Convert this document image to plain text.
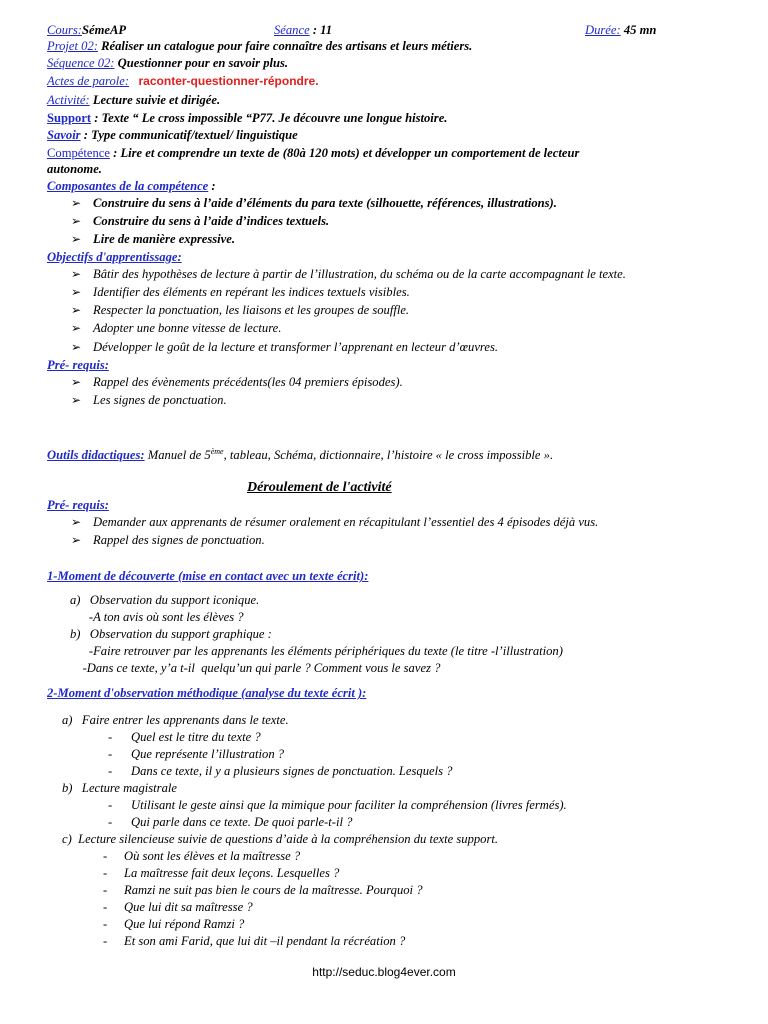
Cours:SémeAP	Séance : 11	Durée: 45 mn
Projet 02: Réaliser un catalogue pour faire connaître des artisans et leurs métiers.
Séquence 02: Questionner pour en savoir plus.
Actes de parole: raconter-questionner-répondre.
Activité: Lecture suivie et dirigée.
Support : Texte “ Le cross impossible “P77. Je découvre une longue histoire.
Savoir : Type communicatif/textuel/ linguistique
Compétence : Lire et comprendre un texte de (80à 120 mots) et développer un comportement de lecteur
autonome.
Composantes de la compétence :
➢ Construire du sens à l’aide d’éléments du para texte (silhouette, références, illustrations).
➢ Construire du sens à l’aide d’indices textuels.
➢ Lire de manière expressive.
Objectifs d'apprentissage:
➢ Bâtir des hypothèses de lecture à partir de l’illustration, du schéma ou de la carte accompagnant le texte.
➢ Identifier des éléments en repérant les indices textuels visibles.
➢ Respecter la ponctuation, les liaisons et les groupes de souffle.
➢ Adopter une bonne vitesse de lecture.
➢ Développer le goût de la lecture et transformer l’apprenant en lecteur d’œuvres.
Pré- requis:
➢ Rappel des évènements précédents(les 04 premiers épisodes).
➢ Les signes de ponctuation.
Outils didactiques: Manuel de 5ème, tableau, Schéma, dictionnaire, l’histoire « le cross impossible ».
Déroulement de l'activité
Pré- requis:
➢ Demander aux apprenants de résumer oralement en récapitulant l’essentiel des 4 épisodes déjà vus.
➢ Rappel des signes de ponctuation.
1-Moment de découverte (mise en contact avec un texte écrit):
a)   Observation du support iconique.
-A ton avis où sont les élèves ?
b)   Observation du support graphique :
-Faire retrouver par les apprenants les éléments périphériques du texte (le titre -l’illustration)
-Dans ce texte, y’a t-il  quelqu’un qui parle ? Comment vous le savez ?
2-Moment d'observation méthodique (analyse du texte écrit ):
a)   Faire entrer les apprenants dans le texte.
- Quel est le titre du texte ?
- Que représente l’illustration ?
- Dans ce texte, il y a plusieurs signes de ponctuation. Lesquels ?
b)   Lecture magistrale
- Utilisant le geste ainsi que la mimique pour faciliter la compréhension (livres fermés).
- Qui parle dans ce texte. De quoi parle-t-il ?
c)  Lecture silencieuse suivie de questions d’aide à la compréhension du texte support.
- Où sont les élèves et la maîtresse ?
- La maîtresse fait deux leçons. Lesquelles ?
- Ramzi ne suit pas bien le cours de la maîtresse. Pourquoi ?
- Que lui dit sa maîtresse ?
- Que lui répond Ramzi ?
- Et son ami Farid, que lui dit –il pendant la récréation ?
http://seduc.blog4ever.com
